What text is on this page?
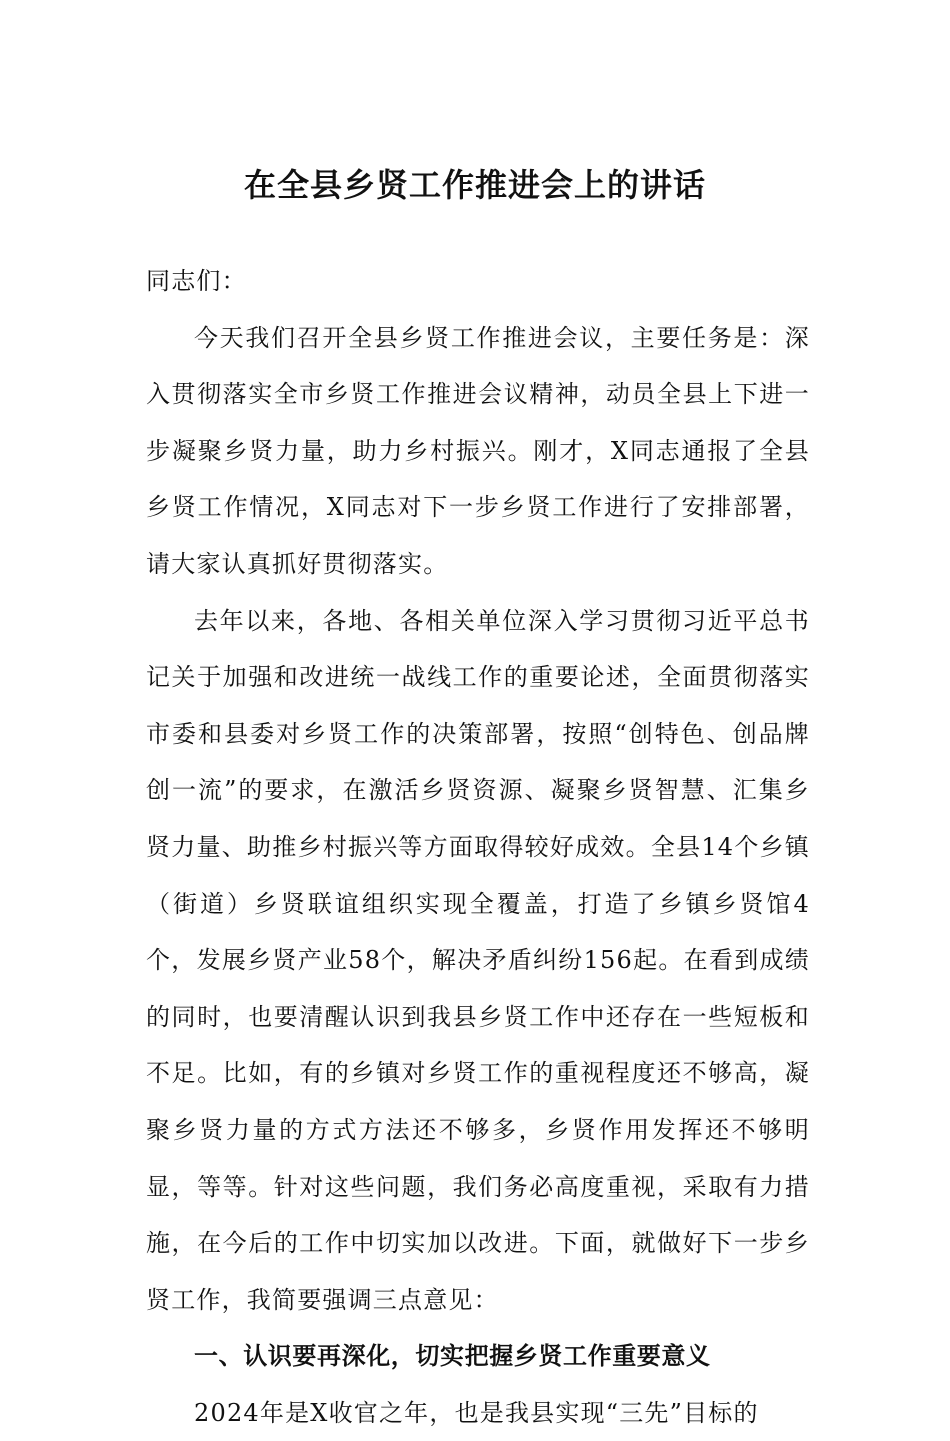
在全县乡贤工作推进会上的讲话

同志们：

今天我们召开全县乡贤工作推进会议，主要任务是：深入贯彻落实全市乡贤工作推进会议精神，动员全县上下进一步凝聚乡贤力量，助力乡村振兴。刚才，X同志通报了全县乡贤工作情况，X同志对下一步乡贤工作进行了安排部署，请大家认真抓好贯彻落实。

去年以来，各地、各相关单位深入学习贯彻习近平总书记关于加强和改进统一战线工作的重要论述，全面贯彻落实市委和县委对乡贤工作的决策部署，按照“创特色、创品牌创一流”的要求，在激活乡贤资源、凝聚乡贤智慧、汇集乡贤力量、助推乡村振兴等方面取得较好成效。全县14个乡镇（街道）乡贤联谊组织实现全覆盖，打造了乡镇乡贤馆4个，发展乡贤产业58个，解决矛盾纠纷156起。在看到成绩的同时，也要清醒认识到我县乡贤工作中还存在一些短板和不足。比如，有的乡镇对乡贤工作的重视程度还不够高，凝聚乡贤力量的方式方法还不够多，乡贤作用发挥还不够明显，等等。针对这些问题，我们务必高度重视，采取有力措施，在今后的工作中切实加以改进。下面，就做好下一步乡贤工作，我简要强调三点意见：

一、认识要再深化，切实把握乡贤工作重要意义

2024年是X收官之年，也是我县实现“三先”目标的
